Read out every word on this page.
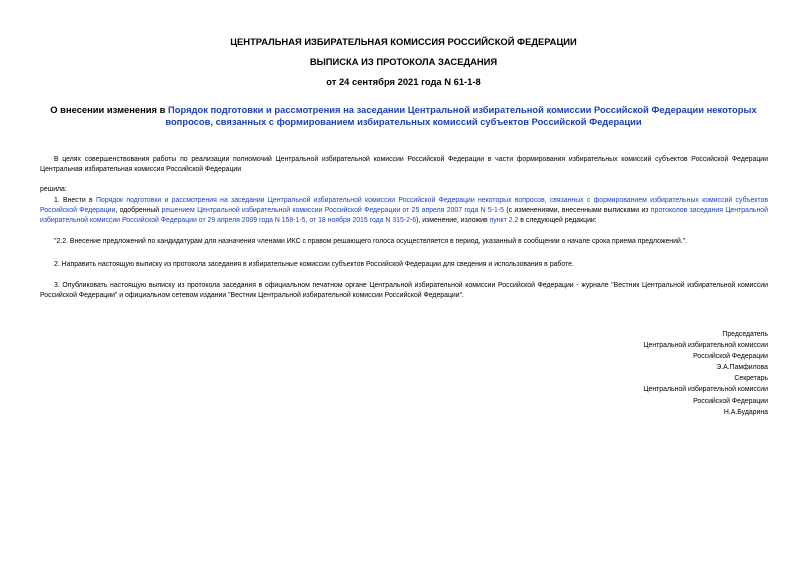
ЦЕНТРАЛЬНАЯ ИЗБИРАТЕЛЬНАЯ КОМИССИЯ РОССИЙСКОЙ ФЕДЕРАЦИИ
ВЫПИСКА ИЗ ПРОТОКОЛА ЗАСЕДАНИЯ
от 24 сентября 2021 года N 61-1-8
О внесении изменения в Порядок подготовки и рассмотрения на заседании Центральной избирательной комиссии Российской Федерации некоторых вопросов, связанных с формированием избирательных комиссий субъектов Российской Федерации
В целях совершенствования работы по реализации полномочий Центральной избирательной комиссии Российской Федерации в части формирования избирательных комиссий субъектов Российской Федерации Центральная избирательная комиссия Российской Федерации
решила:
1. Внести в Порядок подготовки и рассмотрения на заседании Центральной избирательной комиссии Российской Федерации некоторых вопросов, связанных с формированием избирательных комиссий субъектов Российской Федерации, одобренный решением Центральной избирательной комиссии Российской Федерации от 25 апреля 2007 года N 5-1-5 (с изменениями, внесенными выписками из протоколов заседания Центральной избирательной комиссии Российской Федерации от 29 апреля 2009 года N 158-1-5, от 18 ноября 2015 года N 315-2-6), изменение, изложив пункт 2.2 в следующей редакции:
"2.2. Внесение предложений по кандидатурам для назначения членами ИКС с правом решающего голоса осуществляется в период, указанный в сообщении о начале срока приема предложений.".
2. Направить настоящую выписку из протокола заседания в избирательные комиссии субъектов Российской Федерации для сведения и использования в работе.
3. Опубликовать настоящую выписку из протокола заседания в официальном печатном органе Центральной избирательной комиссии Российской Федерации - журнале "Вестник Центральной избирательной комиссии Российской Федерации" и официальном сетевом издании "Вестник Центральной избирательной комиссии Российской Федерации".
Председатель
Центральной избирательной комиссии
Российской Федерации
Э.А.Памфилова
Секретарь
Центральной избирательной комиссии
Российской Федерации
Н.А.Бударина
